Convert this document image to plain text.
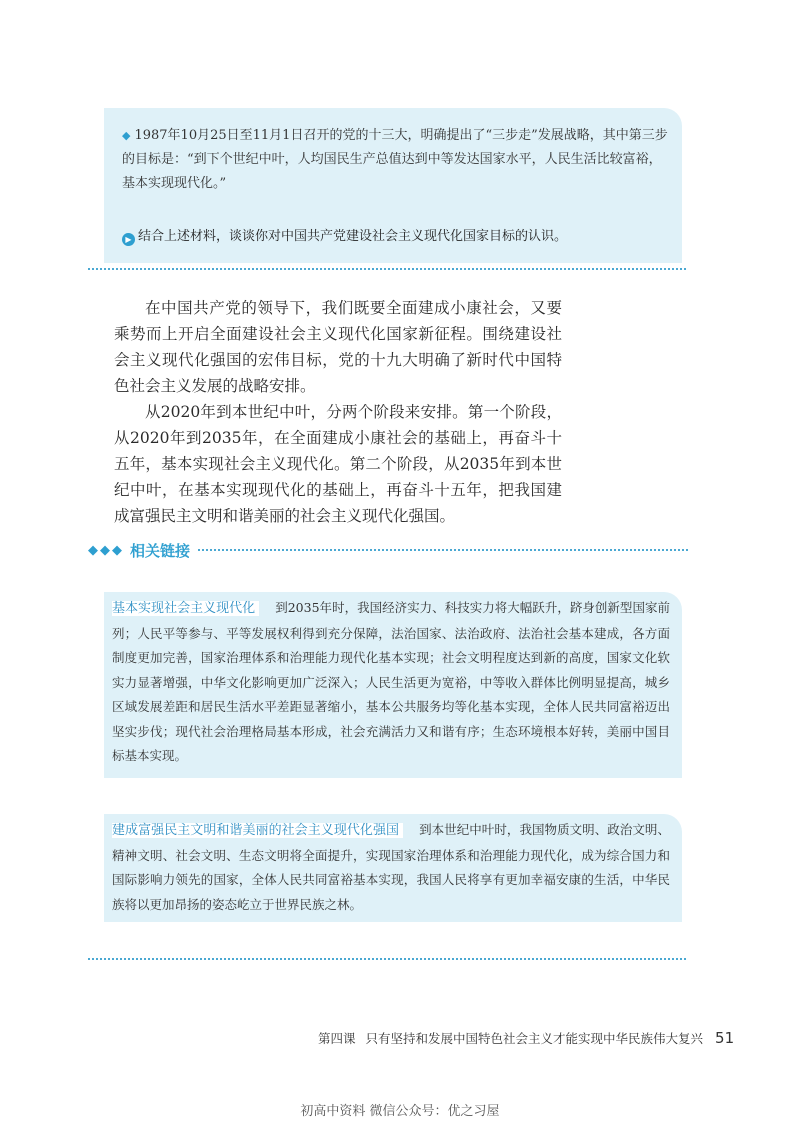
◆ 1987年10月25日至11月1日召开的党的十三大，明确提出了“三步走”发展战略，其中第三步的目标是：“到下个世纪中叶，人均国民生产总值达到中等发达国家水平，人民生活比较富裕，基本实现现代化。”
▶ 结合上述材料，谈谈你对中国共产党建设社会主义现代化国家目标的认识。

在中国共产党的领导下，我们既要全面建成小康社会，又要乘势而上开启全面建设社会主义现代化国家新征程。围绕建设社会主义现代化强国的宏伟目标，党的十九大明确了新时代中国特色社会主义发展的战略安排。

从2020年到本世纪中叶，分两个阶段来安排。第一个阶段，从2020年到2035年，在全面建成小康社会的基础上，再奋斗十五年，基本实现社会主义现代化。第二个阶段，从2035年到本世纪中叶，在基本实现现代化的基础上，再奋斗十五年，把我国建成富强民主文明和谐美丽的社会主义现代化强国。

◆◆◆ 相关链接
基本实现社会主义现代化 到2035年时，我国经济实力、科技实力将大幅跃升，跻身创新型国家前列；人民平等参与、平等发展权利得到充分保障，法治国家、法治政府、法治社会基本建成，各方面制度更加完善，国家治理体系和治理能力现代化基本实现；社会文明程度达到新的高度，国家文化软实力显著增强，中华文化影响更加广泛深入；人民生活更为宽裕，中等收入群体比例明显提高，城乡区域发展差距和居民生活水平差距显著缩小，基本公共服务均等化基本实现，全体人民共同富裕迈出坚实步伐；现代社会治理格局基本形成，社会充满活力又和谐有序；生态环境根本好转，美丽中国目标基本实现。
建成富强民主文明和谐美丽的社会主义现代化强国 到本世纪中叶时，我国物质文明、政治文明、精神文明、社会文明、生态文明将全面提升，实现国家治理体系和治理能力现代化，成为综合国力和国际影响力领先的国家，全体人民共同富裕基本实现，我国人民将享有更加幸福安康的生活，中华民族将以更加昂扬的姿态屹立于世界民族之林。
第四课 只有坚持和发展中国特色社会主义才能实现中华民族伟大复兴 51
初高中资料 微信公众号：优之习屋
